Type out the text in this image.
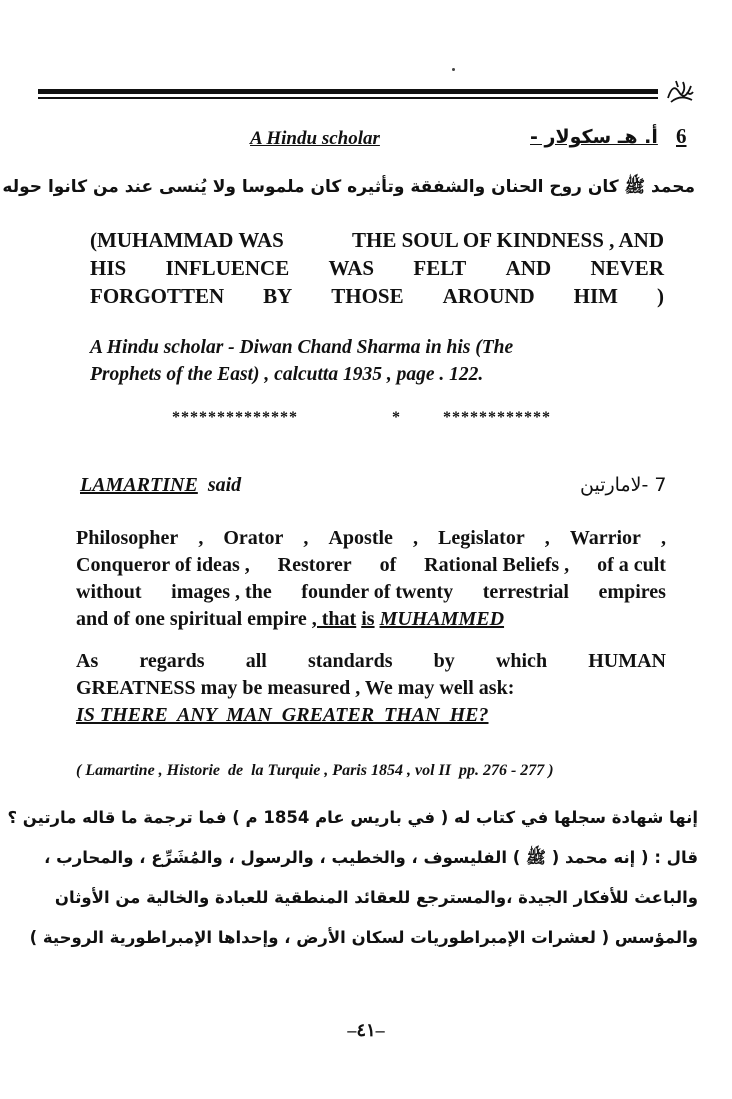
A Hindu scholar	أ. هـ سكولار - 6
محمد ﷺ كان روح الحنان والشفقة وتأثيره كان ملموسا ولا يُنسى عند من كانوا حوله
(MUHAMMAD WAS	THE SOUL OF KINDNESS , AND
HIS INFLUENCE WAS FELT AND NEVER
FORGOTTEN BY THOSE AROUND HIM )
A Hindu scholar - Diwan Chand Sharma in his (The
Prophets of the East) , calcutta 1935 , page . 122.
**************	*	************
LAMARTINE said	7 -لامارتين
Philosopher , Orator , Apostle , Legislator , Warrior ,
Conqueror of ideas , Restorer of Rational Beliefs , of a cult
without images , the founder of twenty terrestrial empires
and of one spiritual empire , that is MUHAMMED
As regards all standards by which HUMAN
GREATNESS may be measured , We may well ask:
IS THERE  ANY  MAN  GREATER  THAN  HE?
( Lamartine , Historie  de  la Turquie , Paris 1854 , vol II  pp. 276 - 277 )
إنها شهادة سجلها في كتاب له ( في باريس عام 1854 م ) فما ترجمة ما قاله مارتين ؟
قال : ( إنه محمد ( ﷺ ) الفليسوف ، والخطيب ، والرسول ، والمُشَرِّع ، والمحارب ،
والباعث للأفكار الجيدة ،والمسترجع للعقائد المنطقية للعبادة والخالية من الأوثان
والمؤسس ( لعشرات الإمبراطوريات لسكان الأرض ، وإحداها الإمبراطورية الروحية )
–٤١–
